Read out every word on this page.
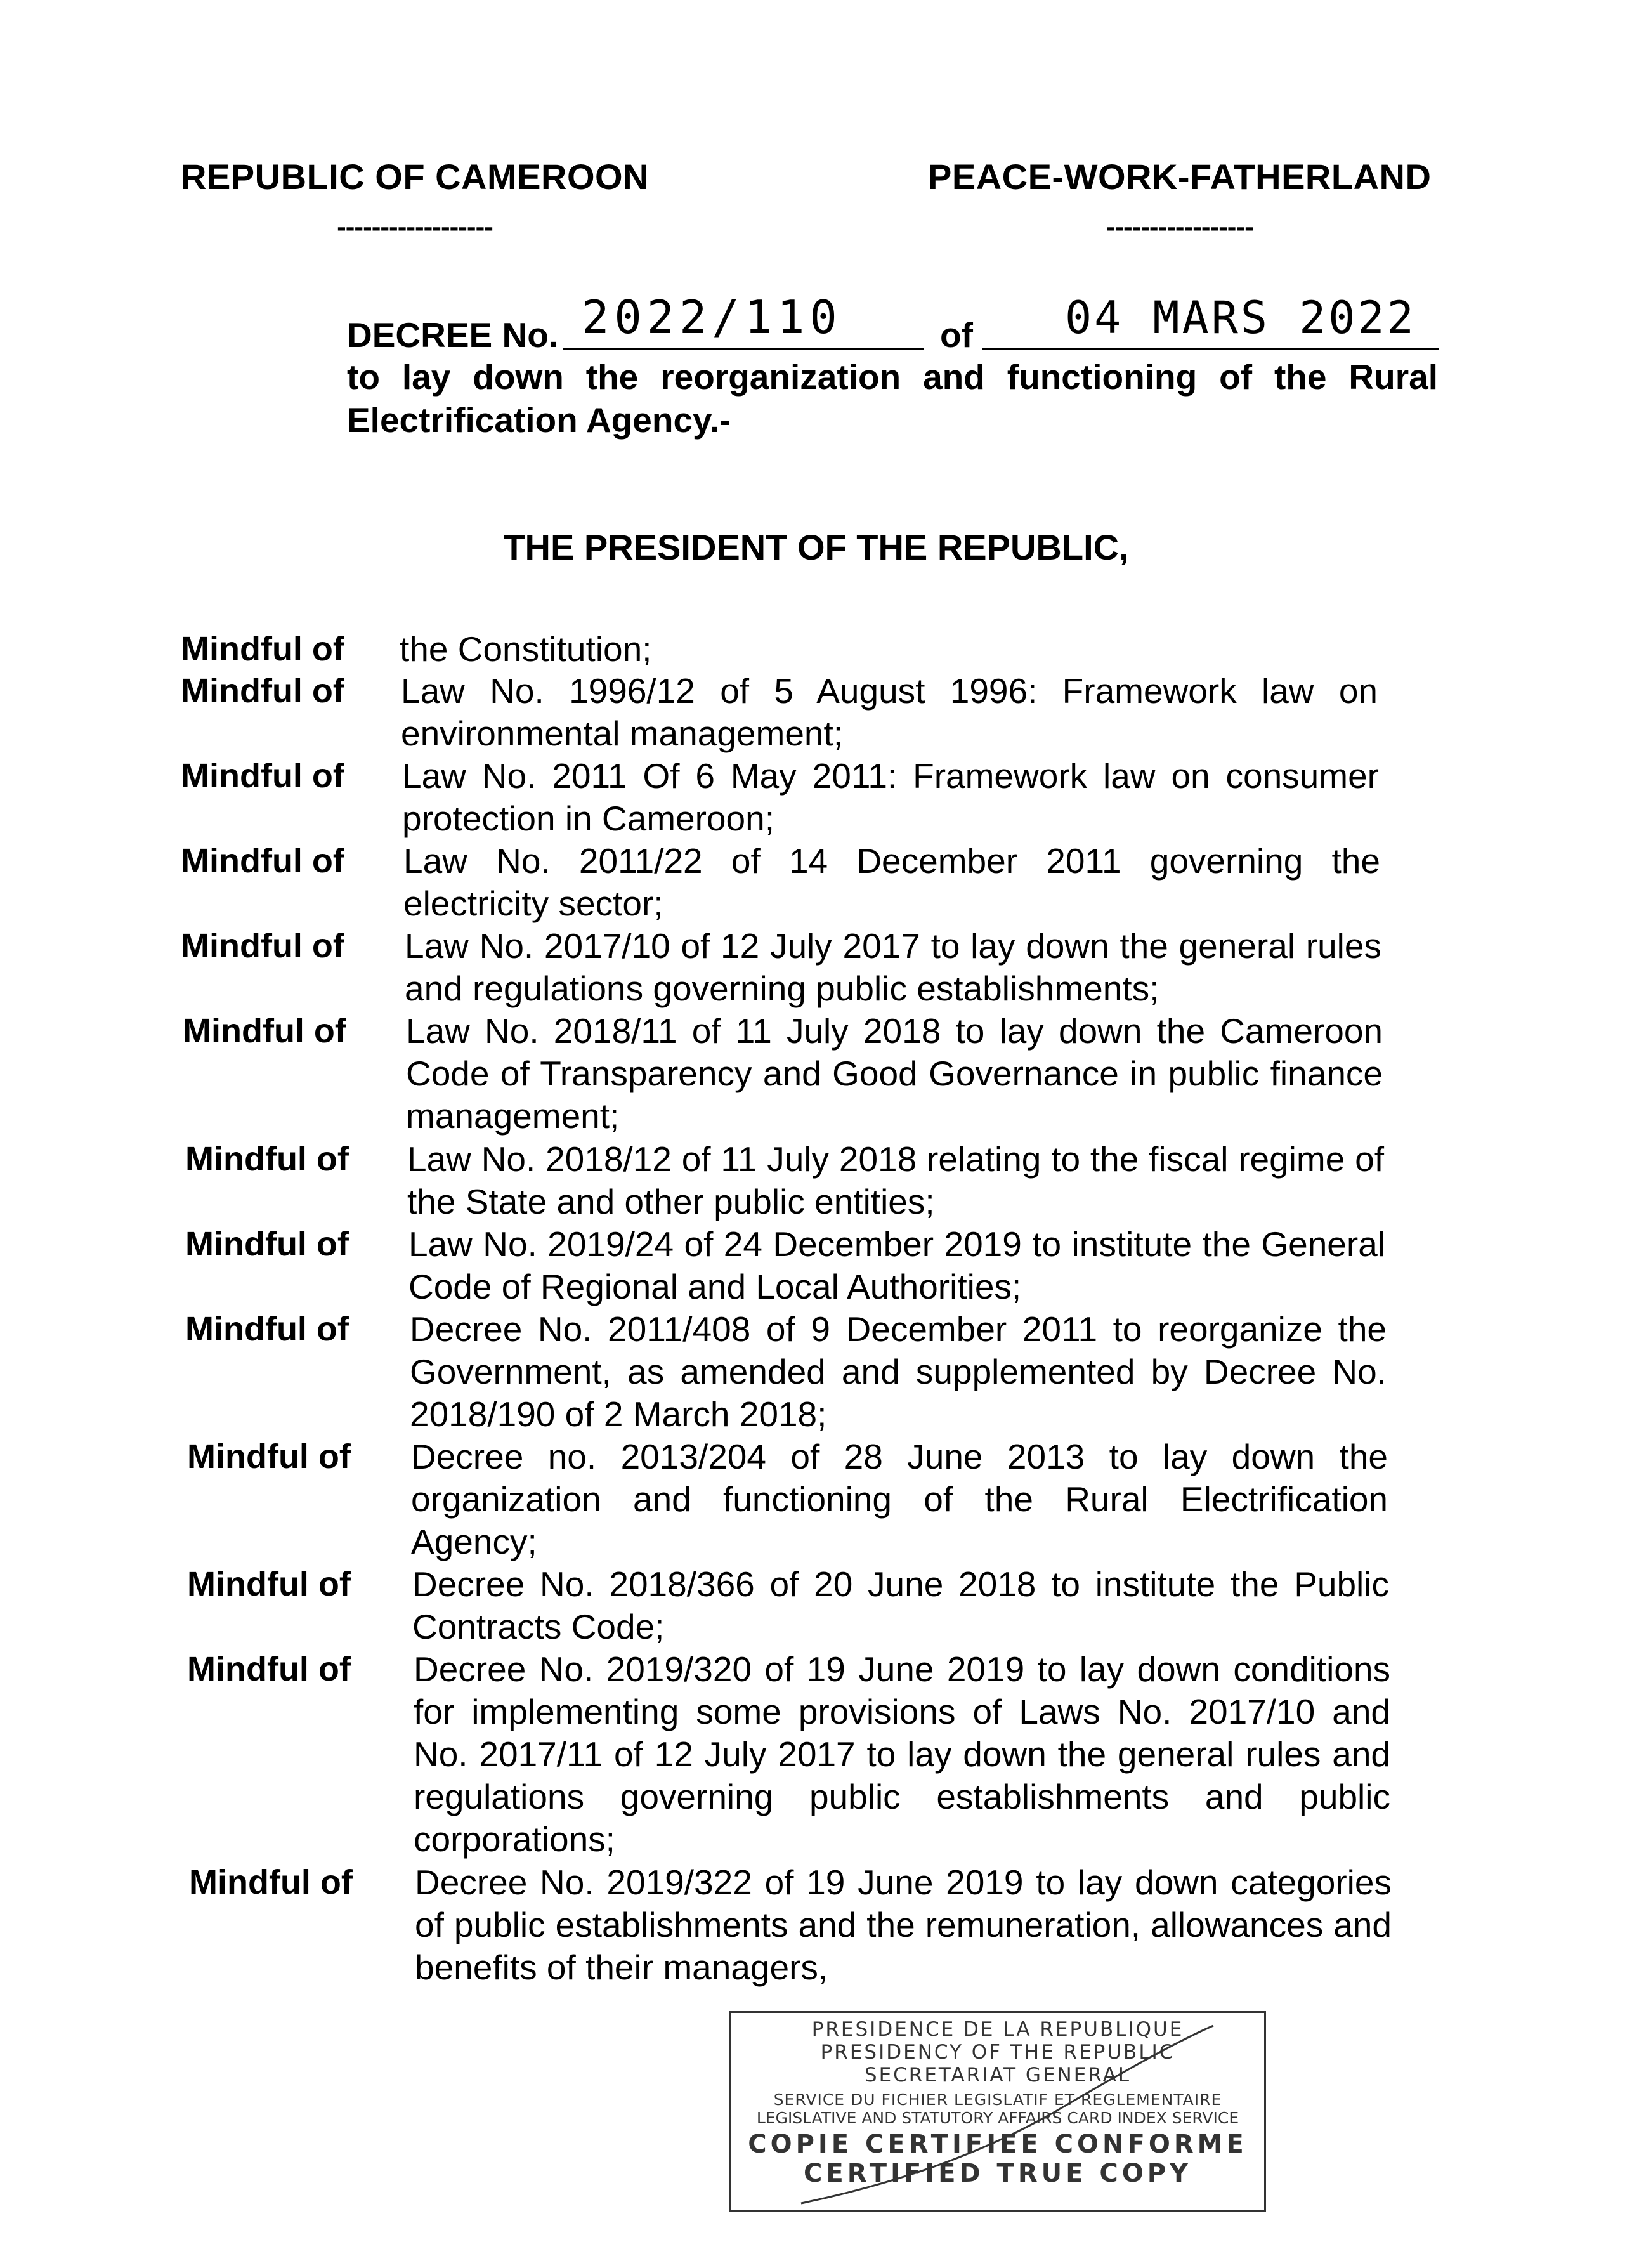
REPUBLIC OF CAMEROON
------------------
PEACE-WORK-FATHERLAND
-----------------
DECREE No. 2022/110	of 04 MARS 2022
to lay down the reorganization and functioning of the Rural Electrification Agency.-
THE PRESIDENT OF THE REPUBLIC,
Mindful of the Constitution;
Mindful of Law No. 1996/12 of 5 August 1996: Framework law on environmental management;
Mindful of Law No. 2011 Of 6 May 2011: Framework law on consumer protection in Cameroon;
Mindful of Law No. 2011/22 of 14 December 2011 governing the electricity sector;
Mindful of Law No. 2017/10 of 12 July 2017 to lay down the general rules and regulations governing public establishments;
Mindful of Law No. 2018/11 of 11 July 2018 to lay down the Cameroon Code of Transparency and Good Governance in public finance management;
Mindful of Law No. 2018/12 of 11 July 2018 relating to the fiscal regime of the State and other public entities;
Mindful of Law No. 2019/24 of 24 December 2019 to institute the General Code of Regional and Local Authorities;
Mindful of Decree No. 2011/408 of 9 December 2011 to reorganize the Government, as amended and supplemented by Decree No. 2018/190 of 2 March 2018;
Mindful of Decree no. 2013/204 of 28 June 2013 to lay down the organization and functioning of the Rural Electrification Agency;
Mindful of Decree No. 2018/366 of 20 June 2018 to institute the Public Contracts Code;
Mindful of Decree No. 2019/320 of 19 June 2019 to lay down conditions for implementing some provisions of Laws No. 2017/10 and No. 2017/11 of 12 July 2017 to lay down the general rules and regulations governing public establishments and public corporations;
Mindful of Decree No. 2019/322 of 19 June 2019 to lay down categories of public establishments and the remuneration, allowances and benefits of their managers,
PRESIDENCE DE LA REPUBLIQUE
PRESIDENCY OF THE REPUBLIC
SECRETARIAT GENERAL
SERVICE DU FICHIER LEGISLATIF ET REGLEMENTAIRE
LEGISLATIVE AND STATUTORY AFFAIRS CARD INDEX SERVICE
COPIE CERTIFIEE CONFORME
CERTIFIED TRUE COPY
